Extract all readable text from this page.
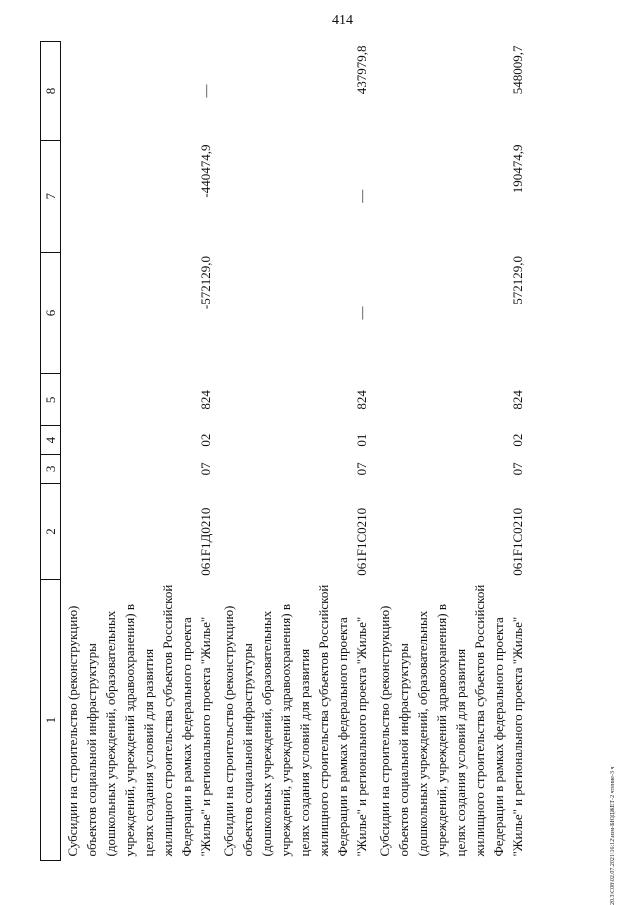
414
1	2	3	4	5	6	7	8
Субсидии на строительство (реконструкцию) объектов социальной инфраструктуры (дошкольных учреждений, образовательных учреждений, учреждений здравоохранения) в целях создания условий для развития жилищного строительства субъектов Российской Федерации в рамках федерального проекта "Жилье" и регионального проекта "Жилье"	061F1Д0210	07	02	824	-572129,0	-440474,9	—
Субсидии на строительство (реконструкцию) объектов социальной инфраструктуры (дошкольных учреждений, образовательных учреждений, учреждений здравоохранения) в целях создания условий для развития жилищного строительства субъектов Российской Федерации в рамках федерального проекта "Жилье" и регионального проекта "Жилье"	061F1С0210	07	01	824	—	—	437979,8
Субсидии на строительство (реконструкцию) объектов социальной инфраструктуры (дошкольных учреждений, образовательных учреждений, учреждений здравоохранения) в целях создания условий для развития жилищного строительства субъектов Российской Федерации в рамках федерального проекта "Жилье" и регионального проекта "Жилье"	061F1С0210	07	02	824	572129,0	190474,9	548009,7
20.3\С08\02.07.2021\16:12\изм-БЮДЖЕТ-2 чтение-3 ч
